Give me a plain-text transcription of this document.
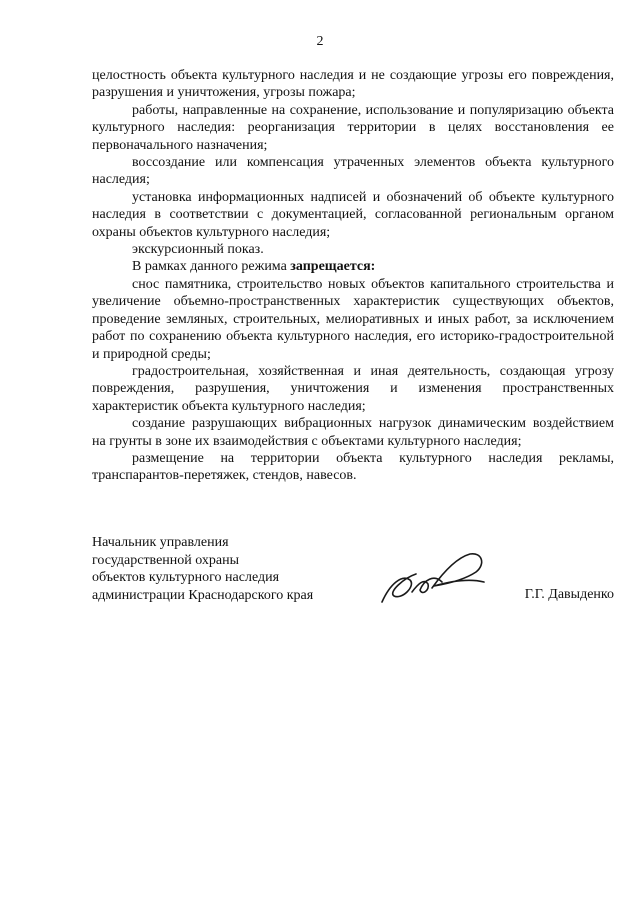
2

целостность объекта культурного наследия и не создающие угрозы его повреждения, разрушения и уничтожения, угрозы пожара;

работы, направленные на сохранение, использование и популяризацию объекта культурного наследия: реорганизация территории в целях восстановления ее первоначального назначения;

воссоздание или компенсация утраченных элементов объекта культурного наследия;

установка информационных надписей и обозначений об объекте культурного наследия в соответствии с документацией, согласованной региональным органом охраны объектов культурного наследия;

экскурсионный показ.

В рамках данного режима запрещается:

снос памятника, строительство новых объектов капитального строительства и увеличение объемно-пространственных характеристик существующих объектов, проведение земляных, строительных, мелиоративных и иных работ, за исключением работ по сохранению объекта культурного наследия, его историко-градостроительной и природной среды;

градостроительная, хозяйственная и иная деятельность, создающая угрозу повреждения, разрушения, уничтожения и изменения пространственных характеристик объекта культурного наследия;

создание разрушающих вибрационных нагрузок динамическим воздействием на грунты в зоне их взаимодействия с объектами культурного наследия;

размещение на территории объекта культурного наследия рекламы, транспарантов-перетяжек, стендов, навесов.

Начальник управления
государственной охраны
объектов культурного наследия
администрации Краснодарского края	Г.Г. Давыденко
